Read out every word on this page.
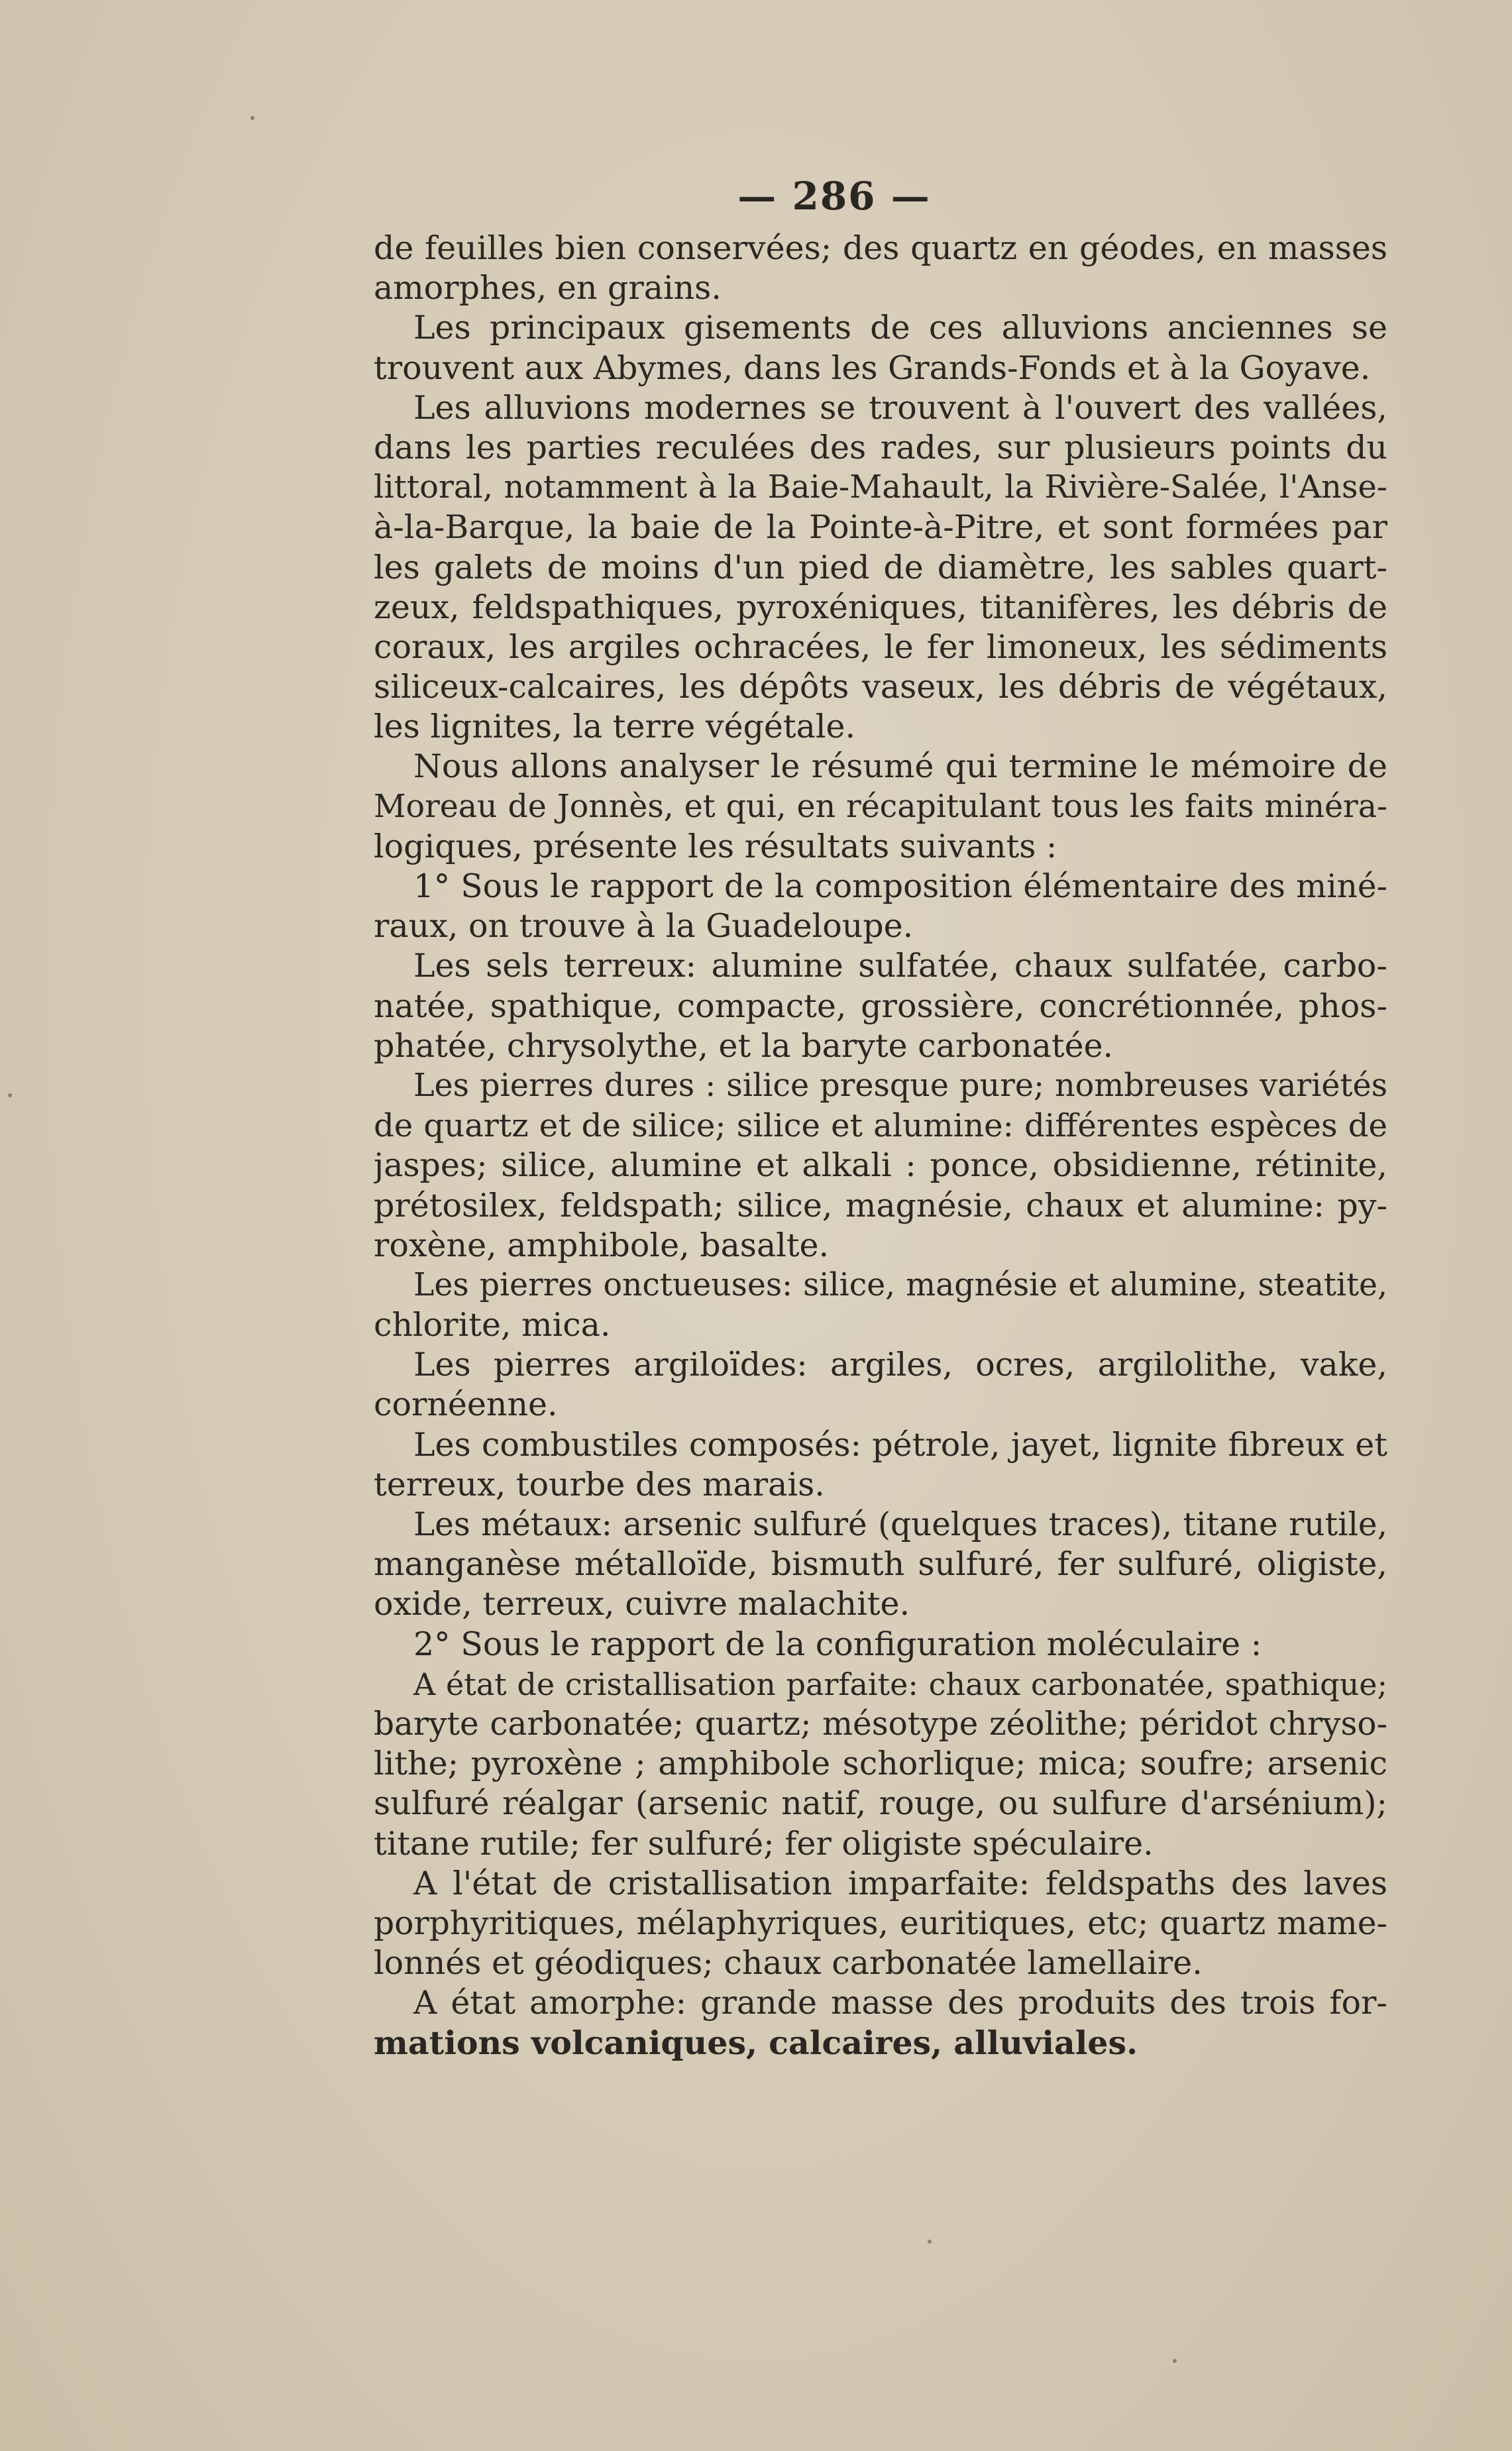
— 286 —
de feuilles bien conservées; des quartz en géodes, en masses
amorphes, en grains.
Les principaux gisements de ces alluvions anciennes se
trouvent aux Abymes, dans les Grands-Fonds et à la Goyave.
Les alluvions modernes se trouvent à l'ouvert des vallées,
dans les parties reculées des rades, sur plusieurs points du
littoral, notamment à la Baie-Mahault, la Rivière-Salée, l'Anse-
à-la-Barque, la baie de la Pointe-à-Pitre, et sont formées par
les galets de moins d'un pied de diamètre, les sables quart-
zeux, feldspathiques, pyroxéniques, titanifères, les débris de
coraux, les argiles ochracées, le fer limoneux, les sédiments
siliceux-calcaires, les dépôts vaseux, les débris de végétaux,
les lignites, la terre végétale.
Nous allons analyser le résumé qui termine le mémoire de
Moreau de Jonnès, et qui, en récapitulant tous les faits minéra-
logiques, présente les résultats suivants :
1° Sous le rapport de la composition élémentaire des miné-
raux, on trouve à la Guadeloupe.
Les sels terreux: alumine sulfatée, chaux sulfatée, carbo-
natée, spathique, compacte, grossière, concrétionnée, phos-
phatée, chrysolythe, et la baryte carbonatée.
Les pierres dures : silice presque pure; nombreuses variétés
de quartz et de silice; silice et alumine: différentes espèces de
jaspes; silice, alumine et alkali : ponce, obsidienne, rétinite,
prétosilex, feldspath; silice, magnésie, chaux et alumine: py-
roxène, amphibole, basalte.
Les pierres onctueuses: silice, magnésie et alumine, steatite,
chlorite, mica.
Les pierres argiloïdes: argiles, ocres, argilolithe, vake,
cornéenne.
Les combustiles composés: pétrole, jayet, lignite fibreux et
terreux, tourbe des marais.
Les métaux: arsenic sulfuré (quelques traces), titane rutile,
manganèse métalloïde, bismuth sulfuré, fer sulfuré, oligiste,
oxide, terreux, cuivre malachite.
2° Sous le rapport de la configuration moléculaire :
A état de cristallisation parfaite: chaux carbonatée, spathique;
baryte carbonatée; quartz; mésotype zéolithe; péridot chryso-
lithe; pyroxène ; amphibole schorlique; mica; soufre; arsenic
sulfuré réalgar (arsenic natif, rouge, ou sulfure d'arsénium);
titane rutile; fer sulfuré; fer oligiste spéculaire.
A l'état de cristallisation imparfaite: feldspaths des laves
porphyritiques, mélaphyriques, euritiques, etc; quartz mame-
lonnés et géodiques; chaux carbonatée lamellaire.
A état amorphe: grande masse des produits des trois for-
mations volcaniques, calcaires, alluviales.
